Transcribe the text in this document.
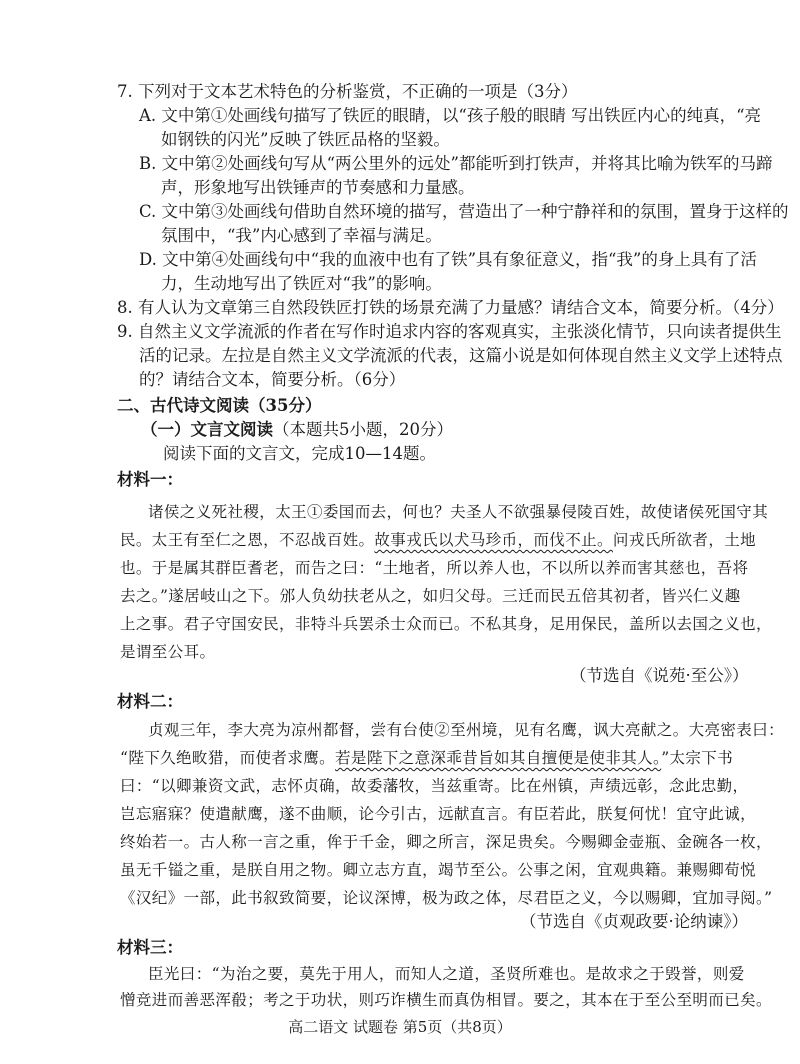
7. 下列对于文本艺术特色的分析鉴赏，不正确的一项是（3分）
A. 文中第①处画线句描写了铁匠的眼睛，以“孩子般的眼睛 写出铁匠内心的纯真，“亮
如钢铁的闪光”反映了铁匠品格的坚毅。
B. 文中第②处画线句写从“两公里外的远处”都能听到打铁声，并将其比喻为铁军的马蹄
声，形象地写出铁锤声的节奏感和力量感。
C. 文中第③处画线句借助自然环境的描写，营造出了一种宁静祥和的氛围，置身于这样的
氛围中，“我”内心感到了幸福与满足。
D. 文中第④处画线句中“我的血液中也有了铁”具有象征意义，指“我”的身上具有了活
力，生动地写出了铁匠对“我”的影响。
8. 有人认为文章第三自然段铁匠打铁的场景充满了力量感？请结合文本，简要分析。（4分）
9. 自然主义文学流派的作者在写作时追求内容的客观真实，主张淡化情节，只向读者提供生
活的记录。左拉是自然主义文学流派的代表，这篇小说是如何体现自然主义文学上述特点
的？请结合文本，简要分析。（6分）
二、古代诗文阅读（35分）
（一）文言文阅读（本题共5小题，20分）
阅读下面的文言文，完成10—14题。
材料一：
诸侯之义死社稷，太王①委国而去，何也？夫圣人不欲强暴侵陵百姓，故使诸侯死国守其
民。太王有至仁之恩，不忍战百姓。故事戎氏以犬马珍币，而伐不止。问戎氏所欲者，土地
也。于是属其群臣耆老，而告之曰：“土地者，所以养人也，不以所以养而害其慈也，吾将
去之。”遂居岐山之下。邠人负幼扶老从之，如归父母。三迁而民五倍其初者，皆兴仁义趣
上之事。君子守国安民，非特斗兵罢杀士众而已。不私其身，足用保民，盖所以去国之义也，
是谓至公耳。
（节选自《说苑·至公》）
材料二：
贞观三年，李大亮为凉州都督，尝有台使②至州境，见有名鹰，讽大亮献之。大亮密表曰：
“陛下久绝畋猎，而使者求鹰。若是陛下之意深乖昔旨如其自擅便是使非其人。”太宗下书
曰：“以卿兼资文武，志怀贞确，故委藩牧，当兹重寄。比在州镇，声绩远彰，念此忠勤，
岂忘寤寐？使遣献鹰，遂不曲顺，论今引古，远献直言。有臣若此，朕复何忧！宜守此诚，
终始若一。古人称一言之重，侔于千金，卿之所言，深足贵矣。今赐卿金壶瓶、金碗各一枚，
虽无千镒之重，是朕自用之物。卿立志方直，竭节至公。公事之闲，宜观典籍。兼赐卿荀悦
《汉纪》一部，此书叙致简要，论议深博，极为政之体，尽君臣之义，今以赐卿，宜加寻阅。”
（节选自《贞观政要·论纳谏》）
材料三：
臣光曰：“为治之要，莫先于用人，而知人之道，圣贤所难也。是故求之于毁誉，则爱
憎竞进而善恶浑殽；考之于功状，则巧诈横生而真伪相冒。要之，其本在于至公至明而已矣。
高二语文 试题卷 第5页（共8页）
